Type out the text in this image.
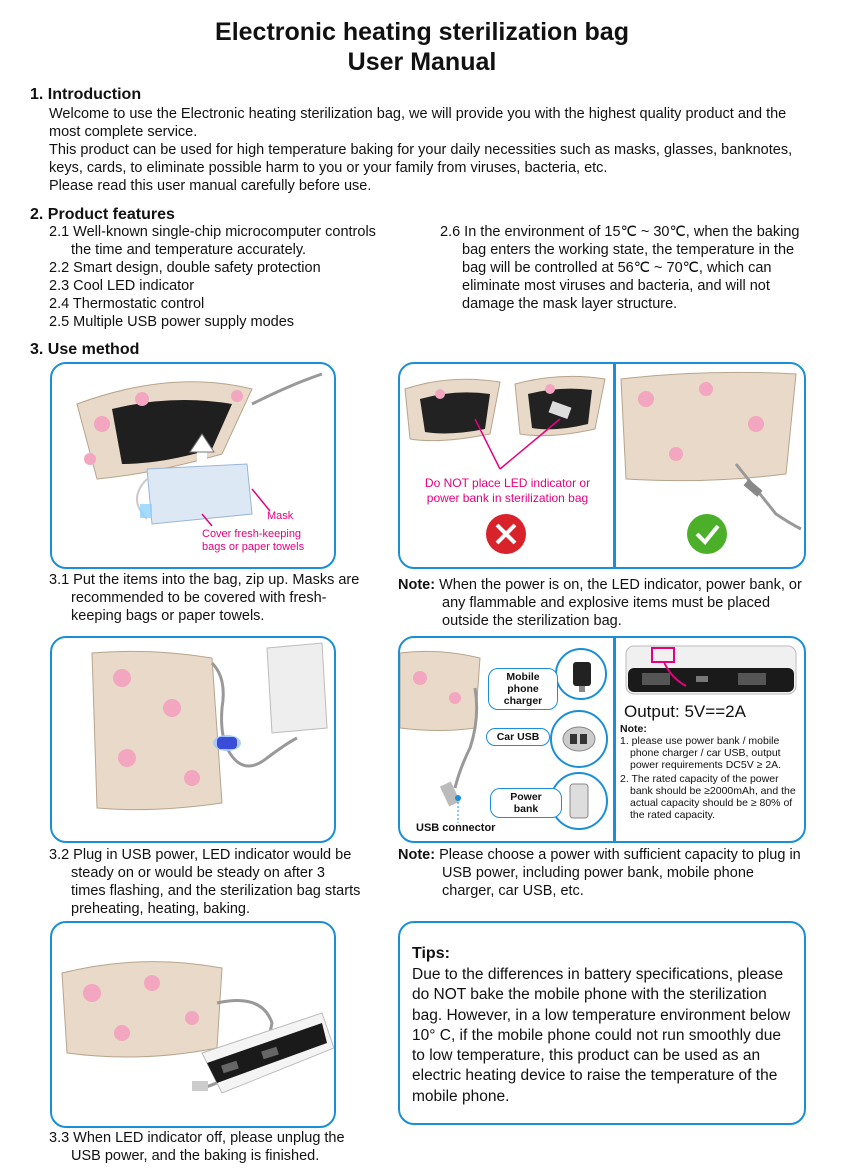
Electronic heating sterilization bag
User Manual
1. Introduction
Welcome to use the Electronic heating sterilization bag, we will provide you with the highest quality product and the most complete service.
This product can be used for high temperature baking for your daily necessities such as masks, glasses, banknotes, keys, cards, to eliminate possible harm to you or your family from viruses, bacteria, etc.
Please read this user manual carefully before use.
2. Product features
2.1 Well-known single-chip microcomputer controls the time and temperature accurately.
2.2 Smart design, double safety protection
2.3 Cool LED indicator
2.4 Thermostatic control
2.5 Multiple USB power supply modes
2.6 In the environment of 15℃ ~ 30℃, when the baking bag enters the working state, the temperature in the bag will be controlled at 56℃ ~ 70℃, which can eliminate most viruses and bacteria, and will not damage the mask layer structure.
3. Use method
Mask
Cover fresh-keeping bags or paper towels
3.1 Put the items into the bag, zip up. Masks are recommended to be covered with fresh-keeping bags or paper towels.
Do NOT place LED indicator or power bank in sterilization bag
Note: When the power is on, the LED indicator, power bank, or any flammable and explosive items must be placed outside the sterilization bag.
3.2 Plug in USB power, LED indicator would be steady on or would be steady on after 3 times flashing, and the sterilization bag starts preheating, heating, baking.
Mobile phone charger
Car USB
Power bank
USB connector
Output: 5V==2A
Note:
1. please use power bank / mobile phone charger / car USB, output power requirements DC5V ≥ 2A.
2. The rated capacity of the power bank should be ≥2000mAh, and the actual capacity should be ≥ 80% of the rated capacity.
Note: Please choose a power with sufficient capacity to plug in USB power, including power bank, mobile phone charger, car USB, etc.
3.3 When LED indicator off, please unplug the USB power, and the baking is finished.
Tips:
Due to the differences in battery specifications, please do NOT bake the mobile phone with the sterilization bag. However, in a low temperature environment below 10° C, if the mobile phone could not run smoothly due to low temperature, this product can be used as an electric heating device to raise the temperature of the mobile phone.
